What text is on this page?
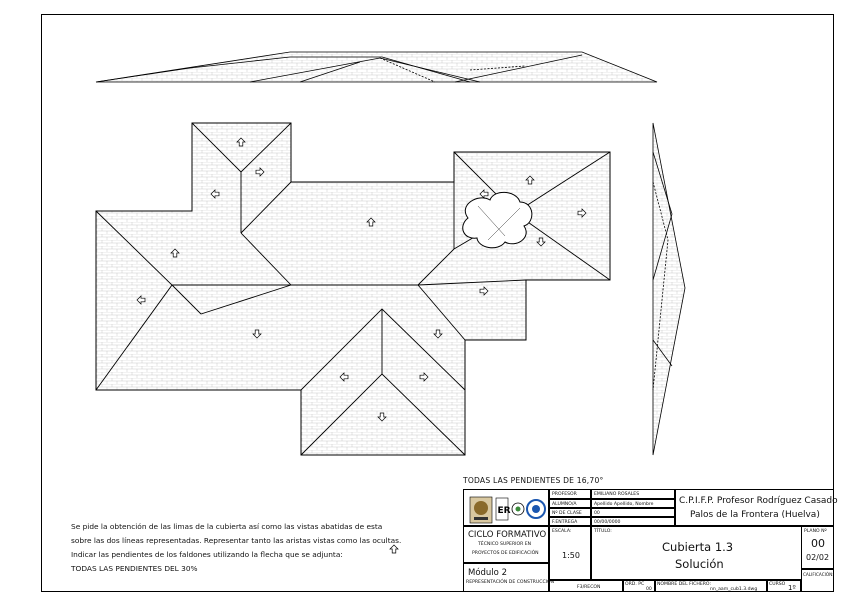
ER
TODAS LAS PENDIENTES DE 16,70°
Se pide la obtención de las limas de la cubierta así como las vistas abatidas de esta
sobre las dos líneas representadas. Representar tanto las aristas vistas como las ocultas.
Indicar las pendientes de los faldones utilizando la flecha que se adjunta:
TODAS LAS PENDIENTES DEL 30%
PROFESOR	EMILIANO ROSALES
ALUMNO/A	Apellido Apellido, Nombre
Nº DE CLASE	00
F.ENTREGA	00/00/0000
C.P.I.F.P. Profesor Rodríguez Casado
Palos de la Frontera (Huelva)
CICLO FORMATIVO
TÉCNICO SUPERIOR EN
PROYECTOS DE EDIFICACIÓN
Módulo 2
REPRESENTACIÓN DE CONSTRUCCIÓN
ESCALA:
1:50
TÍTULO:
Cubierta 1.3
Solución
PLANO Nº
00
02/02
CALIFICACIÓN:
F3/RECON
ORD. PC
00
NOMBRE DEL FICHERO:
nn_aam_cub1.3.dwg
CURSO 1º
